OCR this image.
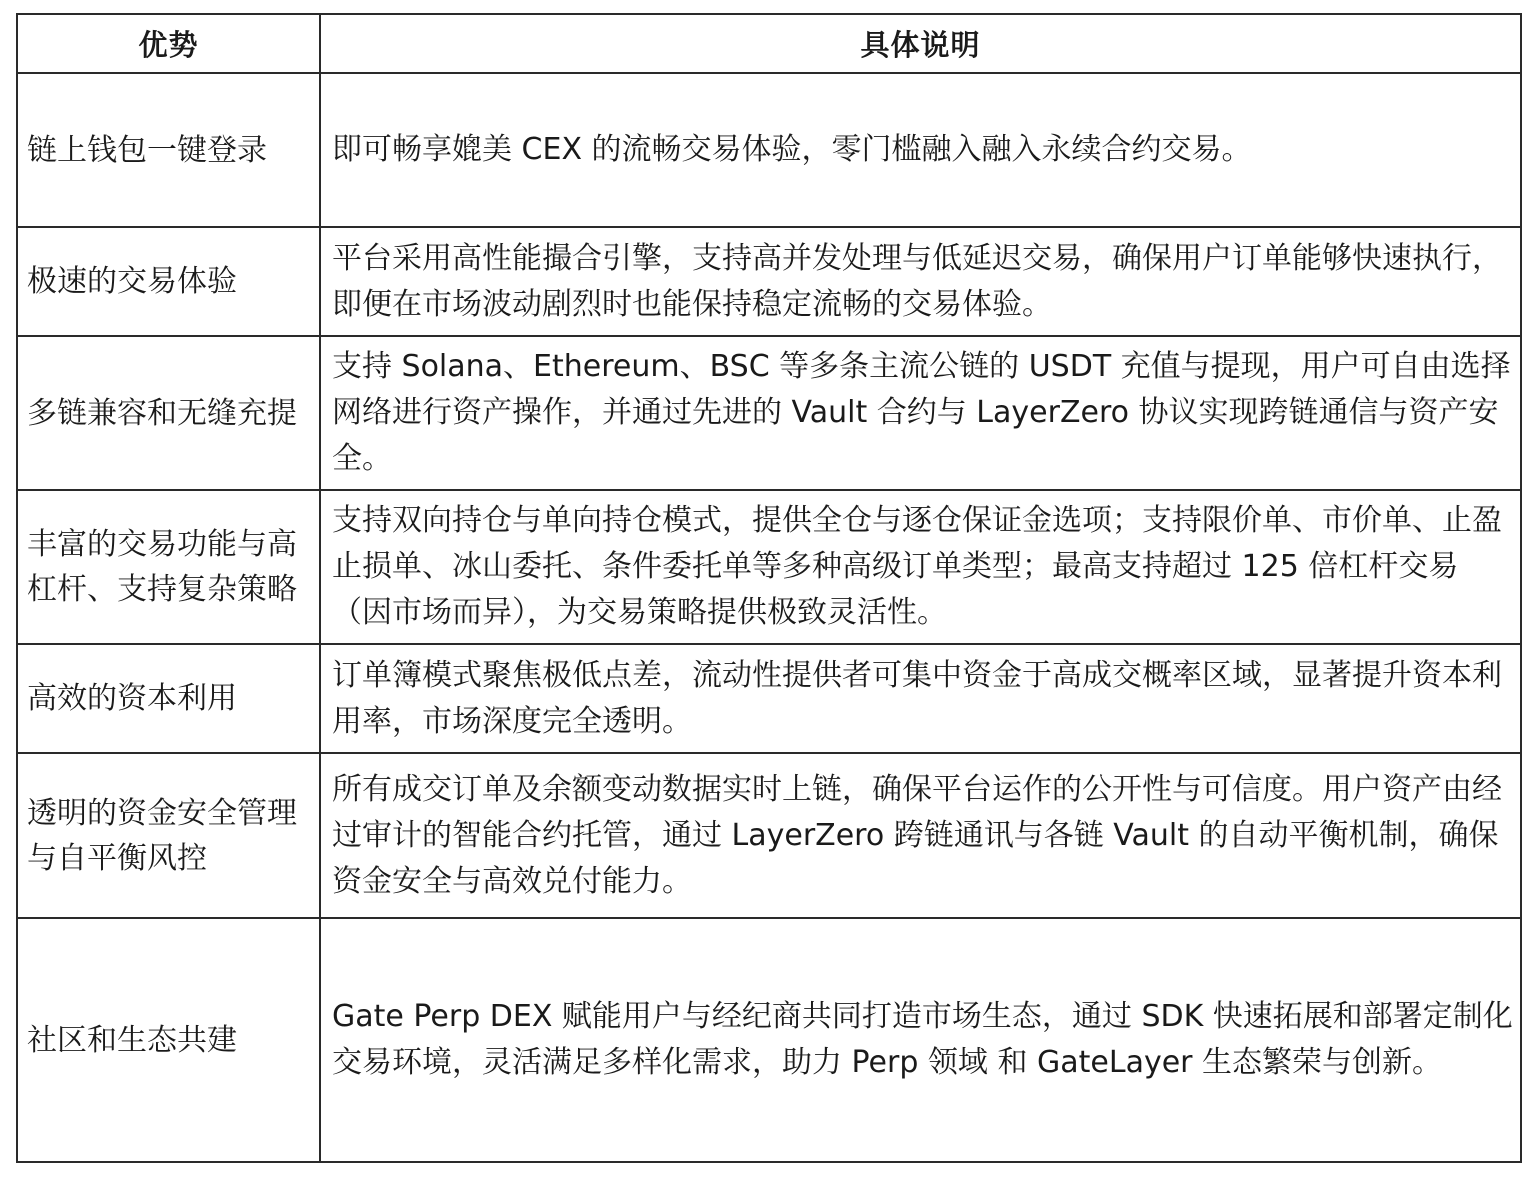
优势	具体说明
链上钱包一键登录	即可畅享媲美 CEX 的流畅交易体验，零门槛融入融入永续合约交易。
极速的交易体验	平台采用高性能撮合引擎，支持高并发处理与低延迟交易，确保用户订单能够快速执行，即便在市场波动剧烈时也能保持稳定流畅的交易体验。
多链兼容和无缝充提	支持 Solana、Ethereum、BSC 等多条主流公链的 USDT 充值与提现，用户可自由选择网络进行资产操作，并通过先进的 Vault 合约与 LayerZero 协议实现跨链通信与资产安全。
丰富的交易功能与高杠杆、支持复杂策略	支持双向持仓与单向持仓模式，提供全仓与逐仓保证金选项；支持限价单、市价单、止盈止损单、冰山委托、条件委托单等多种高级订单类型；最高支持超过 125 倍杠杆交易（因市场而异），为交易策略提供极致灵活性。
高效的资本利用	订单簿模式聚焦极低点差，流动性提供者可集中资金于高成交概率区域，显著提升资本利用率，市场深度完全透明。
透明的资金安全管理与自平衡风控	所有成交订单及余额变动数据实时上链，确保平台运作的公开性与可信度。用户资产由经过审计的智能合约托管，通过 LayerZero 跨链通讯与各链 Vault 的自动平衡机制，确保资金安全与高效兑付能力。
社区和生态共建	Gate Perp DEX 赋能用户与经纪商共同打造市场生态，通过 SDK 快速拓展和部署定制化交易环境，灵活满足多样化需求，助力 Perp 领域 和 GateLayer 生态繁荣与创新。
